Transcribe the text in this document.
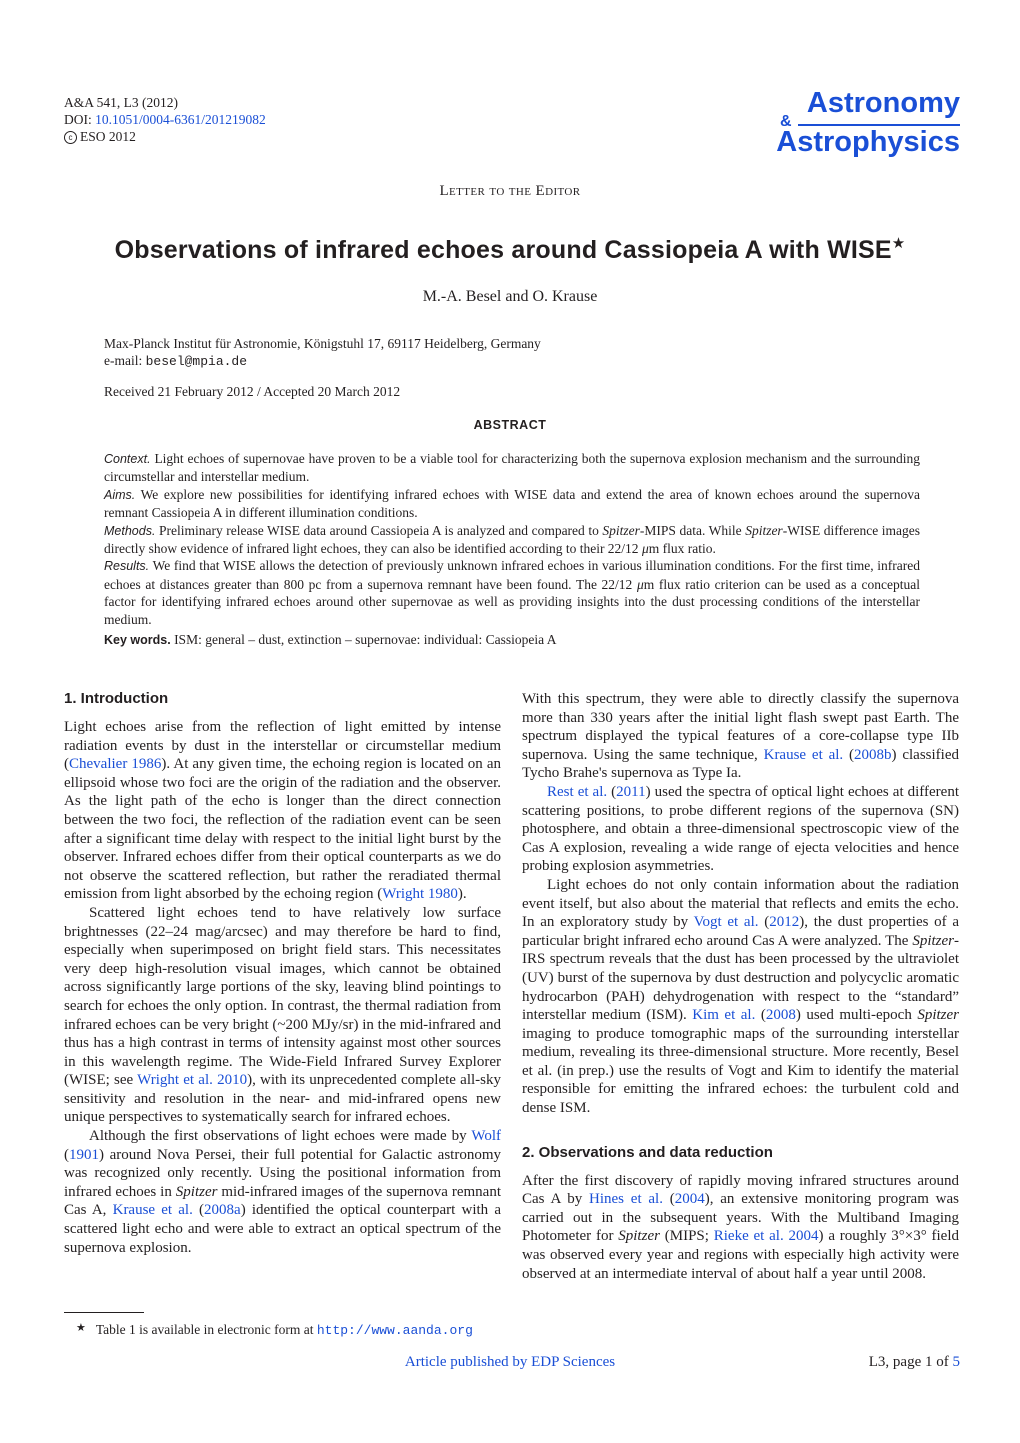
A&A 541, L3 (2012)
DOI: 10.1051/0004-6361/201219082
c ESO 2012
Astronomy
&
Astrophysics
Letter to the Editor
Observations of infrared echoes around Cassiopeia A with WISE★
M.-A. Besel and O. Krause
Max-Planck Institut für Astronomie, Königstuhl 17, 69117 Heidelberg, Germany
e-mail: besel@mpia.de
Received 21 February 2012 / Accepted 20 March 2012
ABSTRACT

Context. Light echoes of supernovae have proven to be a viable tool for characterizing both the supernova explosion mechanism and the surrounding circumstellar and interstellar medium.

Aims. We explore new possibilities for identifying infrared echoes with WISE data and extend the area of known echoes around the supernova remnant Cassiopeia A in different illumination conditions.

Methods. Preliminary release WISE data around Cassiopeia A is analyzed and compared to Spitzer-MIPS data. While Spitzer-WISE difference images directly show evidence of infrared light echoes, they can also be identified according to their 22/12 μm flux ratio.

Results. We find that WISE allows the detection of previously unknown infrared echoes in various illumination conditions. For the first time, infrared echoes at distances greater than 800 pc from a supernova remnant have been found. The 22/12 μm flux ratio criterion can be used as a conceptual factor for identifying infrared echoes around other supernovae as well as providing insights into the dust processing conditions of the interstellar medium.

Key words. ISM: general – dust, extinction – supernovae: individual: Cassiopeia A
1. Introduction

Light echoes arise from the reflection of light emitted by intense radiation events by dust in the interstellar or circumstellar medium (Chevalier 1986). At any given time, the echoing region is located on an ellipsoid whose two foci are the origin of the radiation and the observer. As the light path of the echo is longer than the direct connection between the two foci, the reflection of the radiation event can be seen after a significant time delay with respect to the initial light burst by the observer. Infrared echoes differ from their optical counterparts as we do not observe the scattered reflection, but rather the reradiated thermal emission from light absorbed by the echoing region (Wright 1980).

Scattered light echoes tend to have relatively low surface brightnesses (22–24 mag/arcsec) and may therefore be hard to find, especially when superimposed on bright field stars. This necessitates very deep high-resolution visual images, which cannot be obtained across significantly large portions of the sky, leaving blind pointings to search for echoes the only option. In contrast, the thermal radiation from infrared echoes can be very bright (~200 MJy/sr) in the mid-infrared and thus has a high contrast in terms of intensity against most other sources in this wavelength regime. The Wide-Field Infrared Survey Explorer (WISE; see Wright et al. 2010), with its unprecedented complete all-sky sensitivity and resolution in the near- and mid-infrared opens new unique perspectives to systematically search for infrared echoes.

Although the first observations of light echoes were made by Wolf (1901) around Nova Persei, their full potential for Galactic astronomy was recognized only recently. Using the positional information from infrared echoes in Spitzer mid-infrared images of the supernova remnant Cas A, Krause et al. (2008a) identified the optical counterpart with a scattered light echo and were able to extract an optical spectrum of the supernova explosion.

★ Table 1 is available in electronic form at http://www.aanda.org

With this spectrum, they were able to directly classify the supernova more than 330 years after the initial light flash swept past Earth. The spectrum displayed the typical features of a core-collapse type IIb supernova. Using the same technique, Krause et al. (2008b) classified Tycho Brahe's supernova as Type Ia.

Rest et al. (2011) used the spectra of optical light echoes at different scattering positions, to probe different regions of the supernova (SN) photosphere, and obtain a three-dimensional spectroscopic view of the Cas A explosion, revealing a wide range of ejecta velocities and hence probing explosion asymmetries.

Light echoes do not only contain information about the radiation event itself, but also about the material that reflects and emits the echo. In an exploratory study by Vogt et al. (2012), the dust properties of a particular bright infrared echo around Cas A were analyzed. The Spitzer-IRS spectrum reveals that the dust has been processed by the ultraviolet (UV) burst of the supernova by dust destruction and polycyclic aromatic hydrocarbon (PAH) dehydrogenation with respect to the “standard” interstellar medium (ISM). Kim et al. (2008) used multi-epoch Spitzer imaging to produce tomographic maps of the surrounding interstellar medium, revealing its three-dimensional structure. More recently, Besel et al. (in prep.) use the results of Vogt and Kim to identify the material responsible for emitting the infrared echoes: the turbulent cold and dense ISM.

2. Observations and data reduction

After the first discovery of rapidly moving infrared structures around Cas A by Hines et al. (2004), an extensive monitoring program was carried out in the subsequent years. With the Multiband Imaging Photometer for Spitzer (MIPS; Rieke et al. 2004) a roughly 3°×3° field was observed every year and regions with especially high activity were observed at an intermediate interval of about half a year until 2008.

Article published by EDP Sciences	L3, page 1 of 5
